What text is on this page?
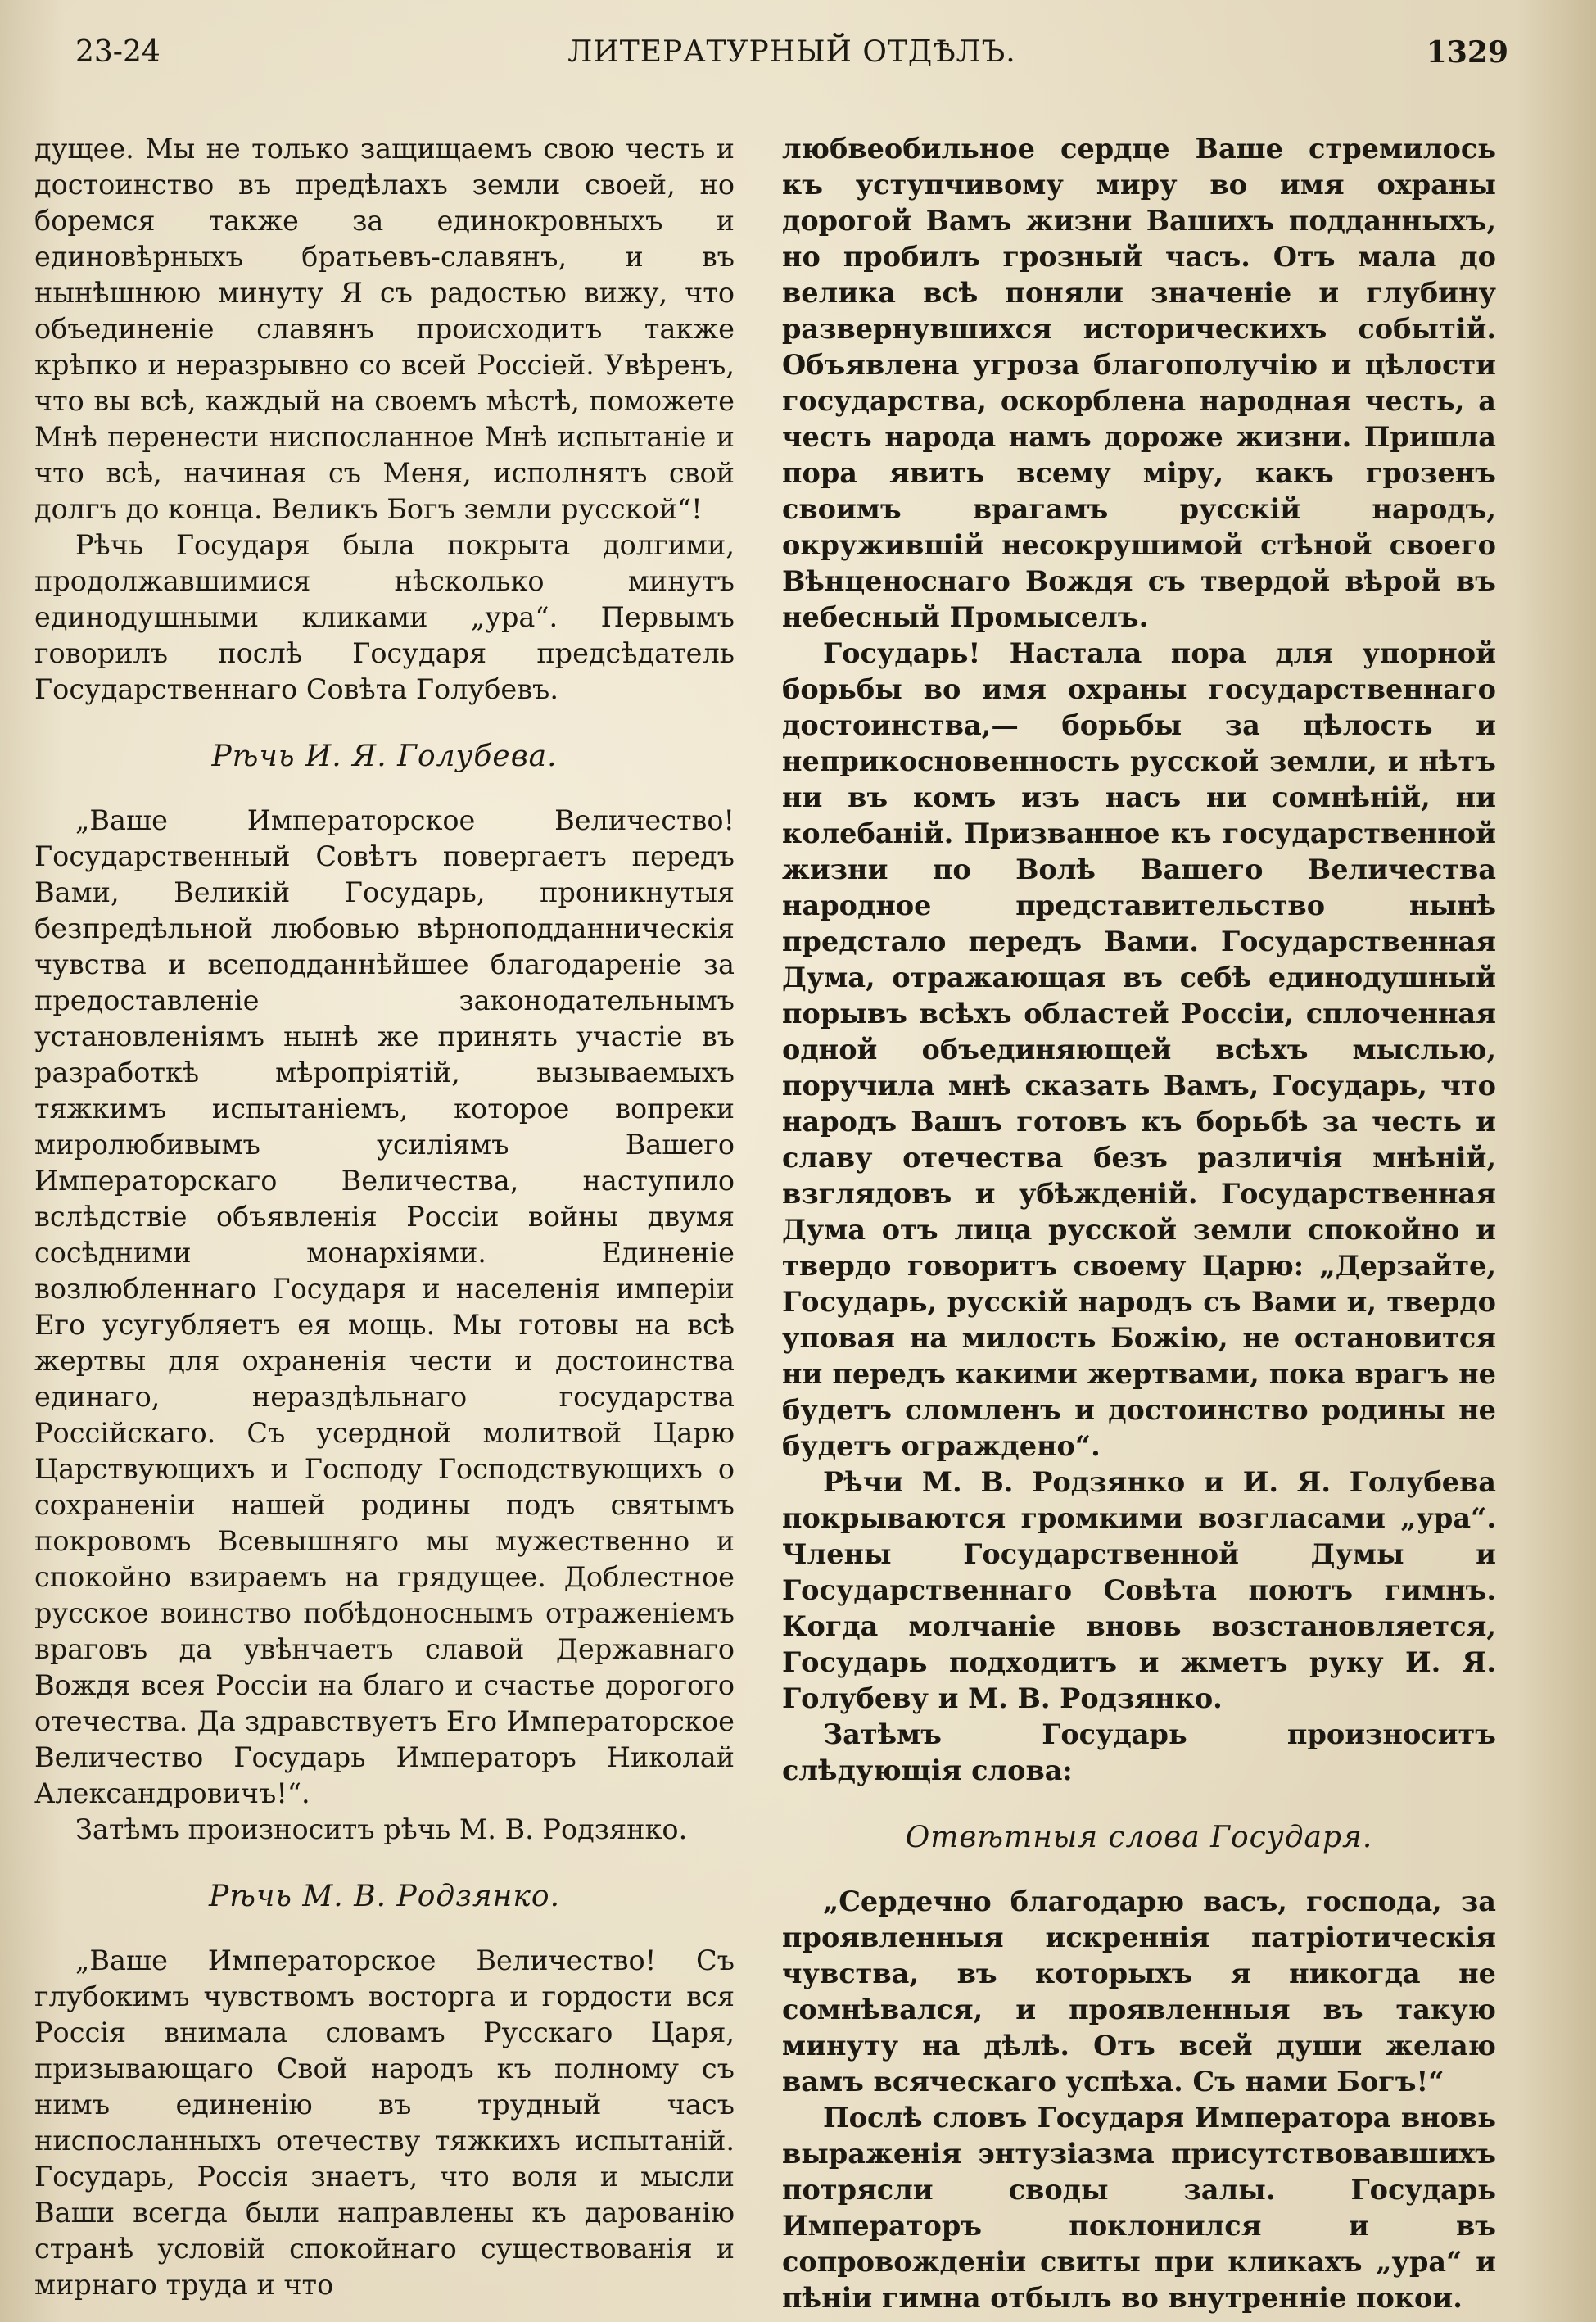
23-24	ЛИТЕРАТУРНЫЙ ОТДѢЛЪ.	1329

дущее. Мы не только защищаемъ свою честь и достоинство въ предѣлахъ земли своей, но боремся также за единокровныхъ и единовѣрныхъ братьевъ-славянъ, и въ нынѣшнюю минуту Я съ радостью вижу, что объединеніе славянъ происходитъ также крѣпко и неразрывно со всей Россіей. Увѣренъ, что вы всѣ, каждый на своемъ мѣстѣ, поможете Мнѣ перенести ниспосланное Мнѣ испытаніе и что всѣ, начиная съ Меня, исполнятъ свой долгъ до конца. Великъ Богъ земли русской“!

Рѣчь Государя была покрыта долгими, продолжавшимися нѣсколько минутъ единодушными кликами „ура“. Первымъ говорилъ послѣ Государя предсѣдатель Государственнаго Совѣта Голубевъ.

Рѣчь И. Я. Голубева.

„Ваше Императорское Величество! Государственный Совѣтъ повергаетъ передъ Вами, Великій Государь, проникнутыя безпредѣльной любовью вѣрноподданническія чувства и всеподданнѣйшее благодареніе за предоставленіе законодательнымъ установленіямъ нынѣ же принять участіе въ разработкѣ мѣропріятій, вызываемыхъ тяжкимъ испытаніемъ, которое вопреки миролюбивымъ усиліямъ Вашего Императорскаго Величества, наступило вслѣдствіе объявленія Россіи войны двумя сосѣдними монархіями. Единеніе возлюбленнаго Государя и населенія имперіи Его усугубляетъ ея мощь. Мы готовы на всѣ жертвы для охраненія чести и достоинства единаго, нераздѣльнаго государства Россійскаго. Съ усердной молитвой Царю Царствующихъ и Господу Господствующихъ о сохраненіи нашей родины подъ святымъ покровомъ Всевышняго мы мужественно и спокойно взираемъ на грядущее. Доблестное русское воинство побѣдоноснымъ отраженіемъ враговъ да увѣнчаетъ славой Державнаго Вождя всея Россіи на благо и счастье дорогого отечества. Да здравствуетъ Его Императорское Величество Государь Императоръ Николай Александровичъ!“.

Затѣмъ произноситъ рѣчь М. В. Родзянко.

Рѣчь М. В. Родзянко.

„Ваше Императорское Величество! Съ глубокимъ чувствомъ восторга и гордости вся Россія внимала словамъ Русскаго Царя, призывающаго Свой народъ къ полному съ нимъ единенію въ трудный часъ ниспосланныхъ отечеству тяжкихъ испытаній. Государь, Россія знаетъ, что воля и мысли Ваши всегда были направлены къ дарованію странѣ условій спокойнаго существованія и мирнаго труда и что

любвеобильное сердце Ваше стремилось къ уступчивому миру во имя охраны дорогой Вамъ жизни Вашихъ подданныхъ, но пробилъ грозный часъ. Отъ мала до велика всѣ поняли значеніе и глубину развернувшихся историческихъ событій. Объявлена угроза благополучію и цѣлости государства, оскорблена народная честь, а честь народа намъ дороже жизни. Пришла пора явить всему міру, какъ грозенъ своимъ врагамъ русскій народъ, окружившій несокрушимой стѣной своего Вѣнценоснаго Вождя съ твердой вѣрой въ небесный Промыселъ.

Государь! Настала пора для упорной борьбы во имя охраны государственнаго достоинства,— борьбы за цѣлость и неприкосновенность русской земли, и нѣтъ ни въ комъ изъ насъ ни сомнѣній, ни колебаній. Призванное къ государственной жизни по Волѣ Вашего Величества народное представительство нынѣ предстало передъ Вами. Государственная Дума, отражающая въ себѣ единодушный порывъ всѣхъ областей Россіи, сплоченная одной объединяющей всѣхъ мыслью, поручила мнѣ сказать Вамъ, Государь, что народъ Вашъ готовъ къ борьбѣ за честь и славу отечества безъ различія мнѣній, взглядовъ и убѣжденій. Государственная Дума отъ лица русской земли спокойно и твердо говоритъ своему Царю: „Дерзайте, Государь, русскій народъ съ Вами и, твердо уповая на милость Божію, не остановится ни передъ какими жертвами, пока врагъ не будетъ сломленъ и достоинство родины не будетъ ограждено“.

Рѣчи М. В. Родзянко и И. Я. Голубева покрываются громкими возгласами „ура“. Члены Государственной Думы и Государственнаго Совѣта поютъ гимнъ. Когда молчаніе вновь возстановляется, Государь подходитъ и жметъ руку И. Я. Голубеву и М. В. Родзянко.

Затѣмъ Государь произноситъ слѣдующія слова:

Отвѣтныя слова Государя.

„Сердечно благодарю васъ, господа, за проявленныя искреннія патріотическія чувства, въ которыхъ я никогда не сомнѣвался, и проявленныя въ такую минуту на дѣлѣ. Отъ всей души желаю вамъ всяческаго успѣха. Съ нами Богъ!“

Послѣ словъ Государя Императора вновь выраженія энтузіазма присутствовавшихъ потрясли своды залы. Государь Императоръ поклонился и въ сопровожденіи свиты при кликахъ „ура“ и пѣніи гимна отбылъ во внутренніе покои.
